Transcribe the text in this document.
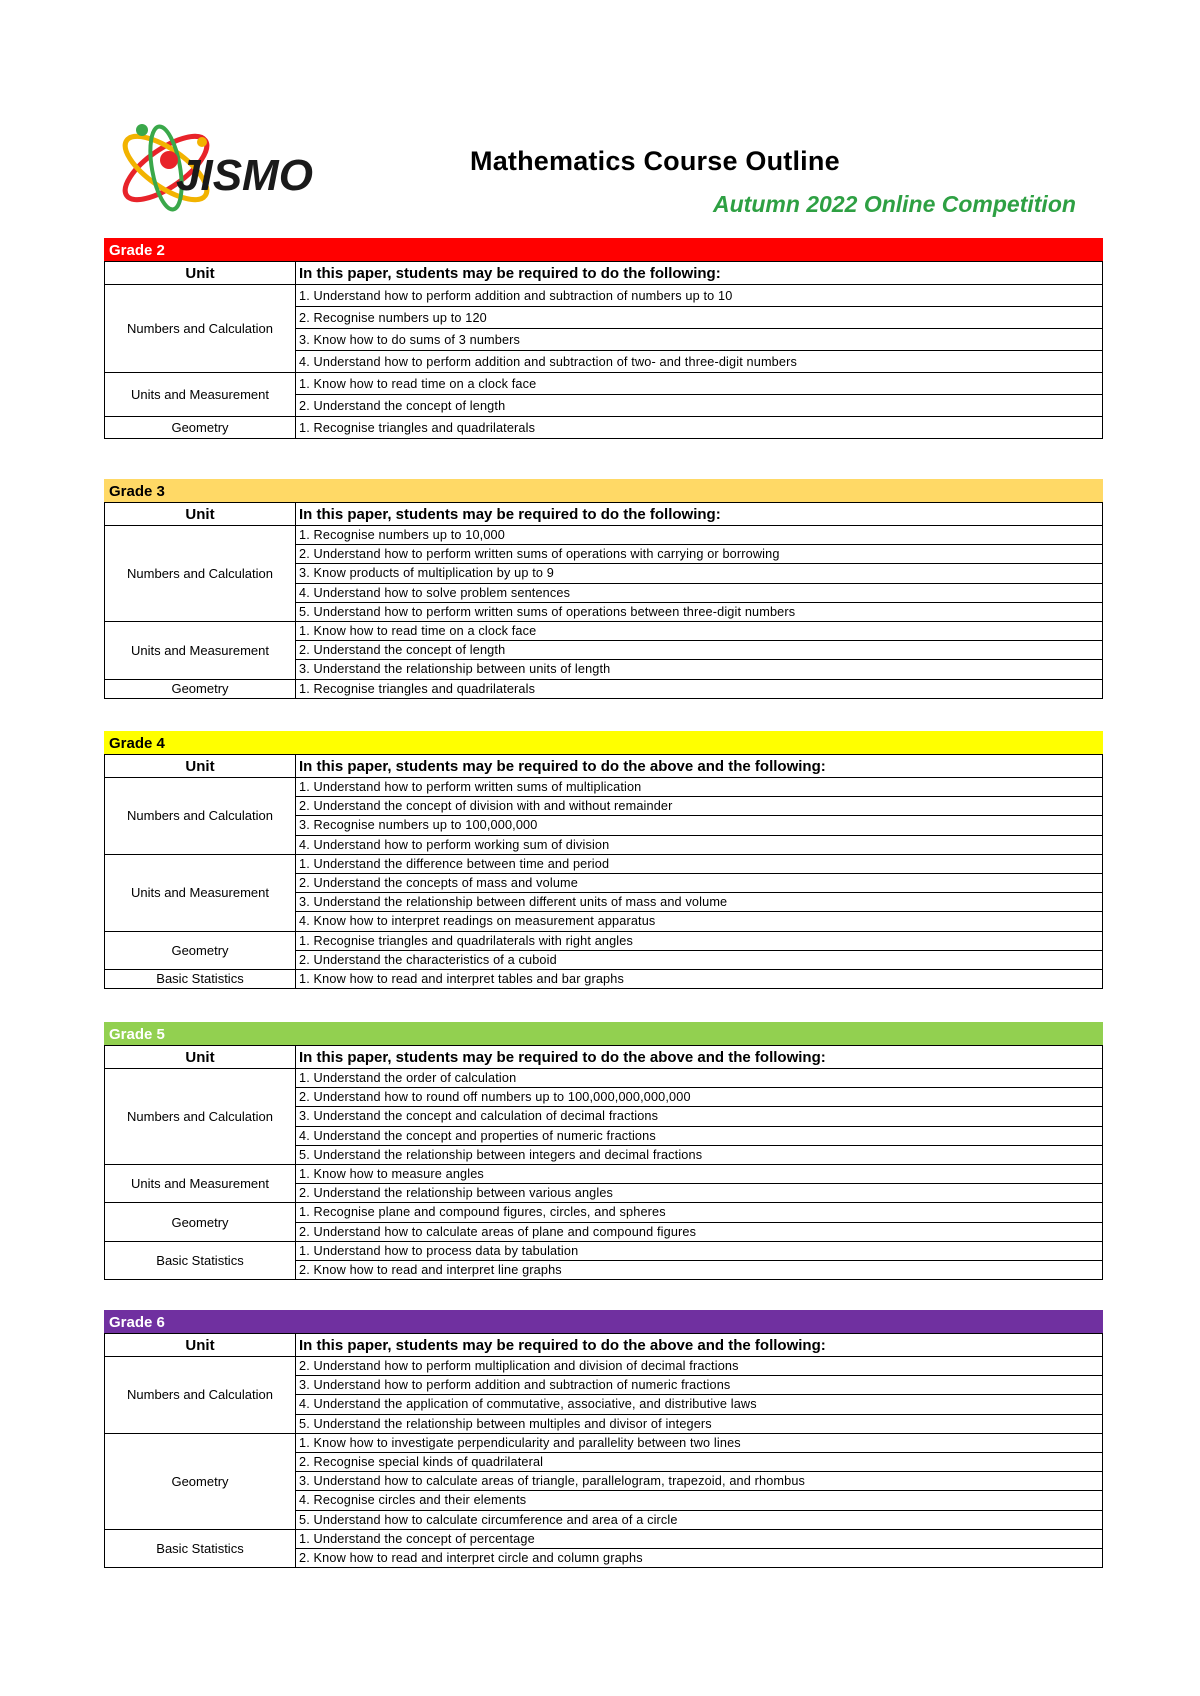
JISMO	Mathematics Course Outline
Autumn 2022 Online Competition
Grade 2
Unit	In this paper, students may be required to do the following:
Numbers and Calculation	1. Understand how to perform addition and subtraction of numbers up to 10
	2. Recognise numbers up to 120
	3. Know how to do sums of 3 numbers
	4. Understand how to perform addition and subtraction of two- and three-digit numbers
Units and Measurement	1. Know how to read time on a clock face
	2. Understand the concept of length
Geometry	1. Recognise triangles and quadrilaterals
Grade 3
Unit	In this paper, students may be required to do the following:
Numbers and Calculation	1. Recognise numbers up to 10,000
	2. Understand how to perform written sums of operations with carrying or borrowing
	3. Know products of multiplication by up to 9
	4. Understand how to solve problem sentences
	5. Understand how to perform written sums of operations between three-digit numbers
Units and Measurement	1. Know how to read time on a clock face
	2. Understand the concept of length
	3. Understand the relationship between units of length
Geometry	1. Recognise triangles and quadrilaterals
Grade 4
Unit	In this paper, students may be required to do the above and the following:
Numbers and Calculation	1. Understand how to perform written sums of multiplication
	2. Understand the concept of division with and without remainder
	3. Recognise numbers up to 100,000,000
	4. Understand how to perform working sum of division
Units and Measurement	1. Understand the difference between time and period
	2. Understand the concepts of mass and volume
	3. Understand the relationship between different units of mass and volume
	4. Know how to interpret readings on measurement apparatus
Geometry	1. Recognise triangles and quadrilaterals with right angles
	2. Understand the characteristics of a cuboid
Basic Statistics	1. Know how to read and interpret tables and bar graphs
Grade 5
Unit	In this paper, students may be required to do the above and the following:
Numbers and Calculation	1. Understand the order of calculation
	2. Understand how to round off numbers up to 100,000,000,000,000
	3. Understand the concept and calculation of decimal fractions
	4. Understand the concept and properties of numeric fractions
	5. Understand the relationship between integers and decimal fractions
Units and Measurement	1. Know how to measure angles
	2. Understand the relationship between various angles
Geometry	1. Recognise plane and compound figures, circles, and spheres
	2. Understand how to calculate areas of plane and compound figures
Basic Statistics	1. Understand how to process data by tabulation
	2. Know how to read and interpret line graphs
Grade 6
Unit	In this paper, students may be required to do the above and the following:
Numbers and Calculation	2. Understand how to perform multiplication and division of decimal fractions
	3. Understand how to perform addition and subtraction of numeric fractions
	4. Understand the application of commutative, associative, and distributive laws
	5. Understand the relationship between multiples and divisor of integers
Geometry	1. Know how to investigate perpendicularity and parallelity between two lines
	2. Recognise special kinds of quadrilateral
	3. Understand how to calculate areas of triangle, parallelogram, trapezoid, and rhombus
	4. Recognise circles and their elements
	5. Understand how to calculate circumference and area of a circle
Basic Statistics	1. Understand the concept of percentage
	2. Know how to read and interpret circle and column graphs
